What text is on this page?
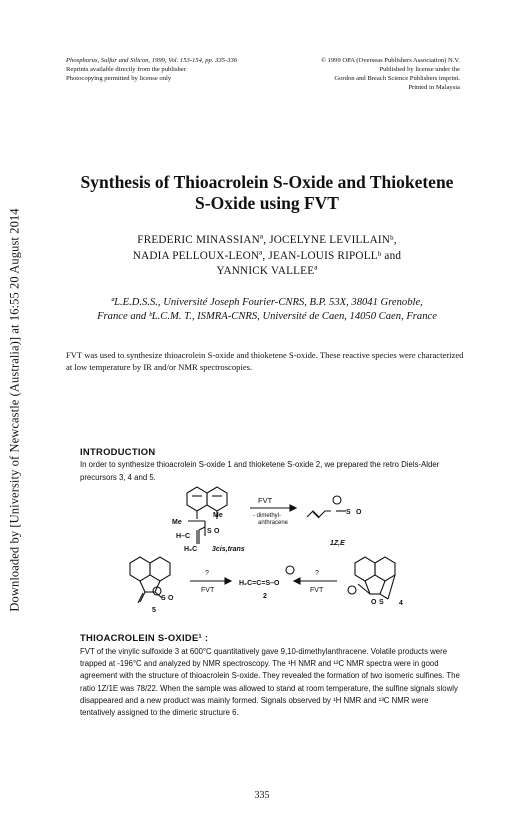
Downloaded by [University of Newcastle (Australia)] at 16:55 20 August 2014
Phosphorus, Sulfur and Silicon, 1999, Vol. 153-154, pp. 335-336
Reprints available directly from the publisher
Photocopying permitted by license only
© 1999 OPA (Overseas Publishers Association) N.V.
Published by license under the
Gordon and Breach Science Publishers imprint.
Printed in Malaysia
Synthesis of Thioacrolein S-Oxide and Thioketene
S-Oxide using FVT
FREDERIC MINASSIANª, JOCELYNE LEVILLAINᵇ,
NADIA PELLOUX-LEONª, JEAN-LOUIS RIPOLLᵇ and
YANNICK VALLEEª
ªL.E.D.S.S., Université Joseph Fourier-CNRS, B.P. 53X, 38041 Grenoble,
France and ᵇL.C.M. T., ISMRA-CNRS, Université de Caen, 14050 Caen, France
FVT was used to synthesize thioacrolein S-oxide and thioketene S-oxide. These reactive species were characterized at low temperature by IR and/or NMR spectroscopies.
INTRODUCTION
In order to synthesize thioacrolein S-oxide 1 and thioketene S-oxide 2, we prepared the retro Diels-Alder precursors 3, 4 and 5.
FVT
- dimethyl-
anthracene
Me
Me
H–C
S O
H₂C 3cis,trans
S O
1Z,E
?
FVT
H₂C=C=S–O
2
?
FVT
S O
5
S
O	4
THIOACROLEIN S-OXIDE¹ :
FVT of the vinylic sulfoxide 3 at 600°C quantitatively gave 9,10-dimethylanthracene. Volatile products were trapped at -196°C and analyzed by NMR spectroscopy. The ¹H NMR and ¹³C NMR spectra were in good agreement with the structure of thioacrolein S-oxide. They revealed the formation of two isomeric sulfines. The ratio 1Z/1E was 78/22. When the sample was allowed to stand at room temperature, the sulfine signals slowly disappeared and a new product was mainly formed. Signals observed by ¹H NMR and ¹³C NMR were tentatively assigned to the dimeric structure 6.
335
